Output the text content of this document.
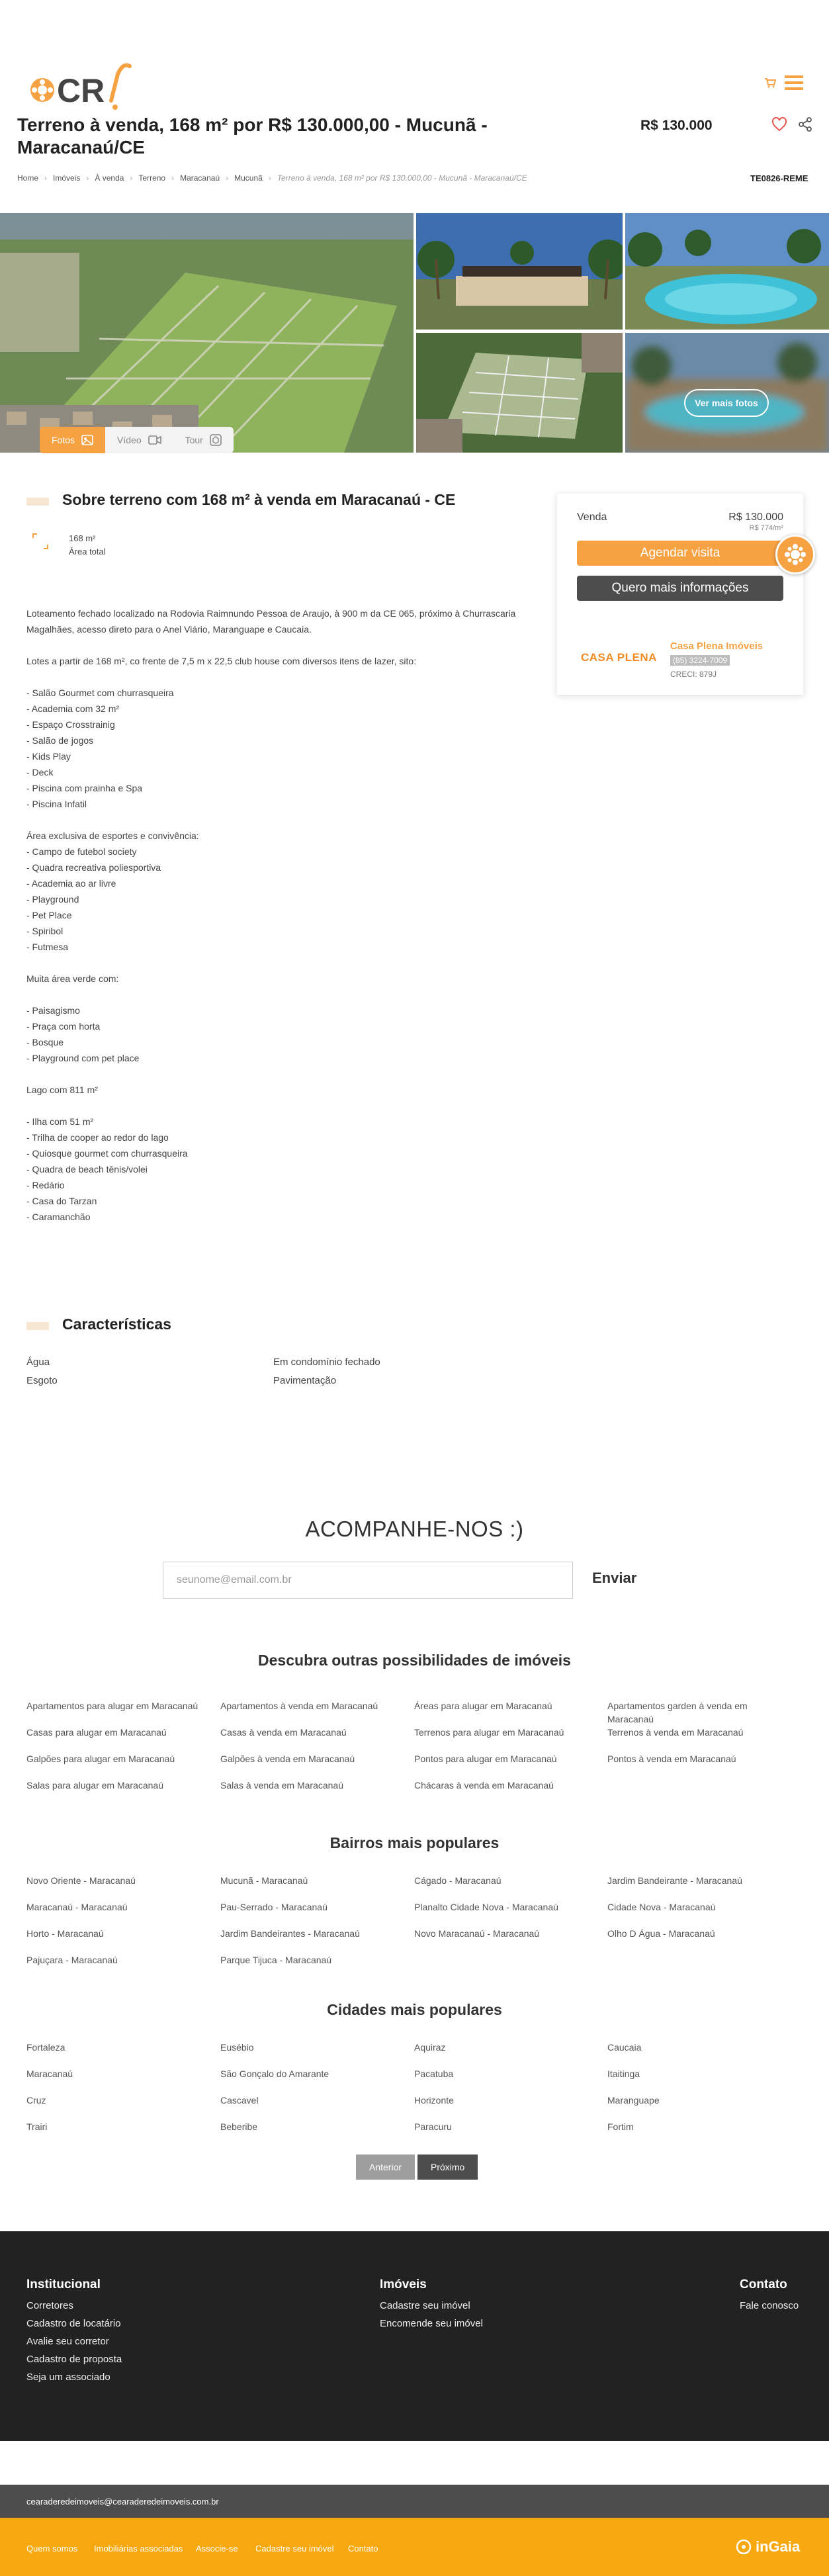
CR
Terreno à venda, 168 m² por R$ 130.000,00 - Mucunã - Maracanaú/CE
R$ 130.000
Home › Imóveis › À venda › Terreno › Maracanaú › Mucunã › Terreno à venda, 168 m² por R$ 130.000,00 - Mucunã - Maracanaú/CE	TE0826-REME
Ver mais fotos
Fotos	Vídeo	Tour
Sobre terreno com 168 m² à venda em Maracanaú - CE
168 m²
Área total

Loteamento fechado localizado na Rodovia Raimnundo Pessoa de Araujo, à 900 m da CE 065, próximo à Churrascaria Magalhães, acesso direto para o Anel Viário, Maranguape e Caucaia.

Lotes a partir de 168 m², co frente de 7,5 m x 22,5 club house com diversos itens de lazer, sito:

- Salão Gourmet com churrasqueira

- Academia com 32 m²

- Espaço Crosstrainig

- Salão de jogos

- Kids Play

- Deck

- Piscina com prainha e Spa

- Piscina Infatil

Área exclusiva de esportes e convivência:

- Campo de futebol society

- Quadra recreativa poliesportiva

- Academia ao ar livre

- Playground

- Pet Place

- Spiribol

- Futmesa

Muita área verde com:

- Paisagismo

- Praça com horta

- Bosque

- Playground com pet place

Lago com 811 m²

- Ilha com 51 m²

- Trilha de cooper ao redor do lago

- Quiosque gourmet com churrasqueira

- Quadra de beach tênis/volei

- Redário

- Casa do Tarzan

- Caramanchão

Venda	R$ 130.000
R$ 774/m²
Agendar visita
Quero mais informações
CASA PLENA
Casa Plena Imóveis
(85) 3224-7009
CRECI: 879J
Características
Água	Em condomínio fechado
Esgoto	Pavimentação
ACOMPANHE-NOS :)
seunome@email.com.br
Enviar
Descubra outras possibilidades de imóveis
Apartamentos para alugar em Maracanaú	Apartamentos à venda em Maracanaú	Áreas para alugar em Maracanaú	Apartamentos garden à venda em Maracanaú
Casas para alugar em Maracanaú	Casas à venda em Maracanaú	Terrenos para alugar em Maracanaú	Terrenos à venda em Maracanaú
Galpões para alugar em Maracanaú	Galpões à venda em Maracanaú	Pontos para alugar em Maracanaú	Pontos à venda em Maracanaú
Salas para alugar em Maracanaú	Salas à venda em Maracanaú	Chácaras à venda em Maracanaú
Bairros mais populares
Novo Oriente - Maracanaú	Mucunã - Maracanaú	Cágado - Maracanaú	Jardim Bandeirante - Maracanaú
Maracanaú - Maracanaú	Pau-Serrado - Maracanaú	Planalto Cidade Nova - Maracanaú	Cidade Nova - Maracanaú
Horto - Maracanaú	Jardim Bandeirantes - Maracanaú	Novo Maracanaú - Maracanaú	Olho D Água - Maracanaú
Pajuçara - Maracanaú	Parque Tijuca - Maracanaú
Cidades mais populares
Fortaleza	Eusébio	Aquiraz	Caucaia
Maracanaú	São Gonçalo do Amarante	Pacatuba	Itaitinga
Cruz	Cascavel	Horizonte	Maranguape
Trairi	Beberibe	Paracuru	Fortim
Anterior	Próximo
Institucional
Corretores
Cadastro de locatário
Avalie seu corretor
Cadastro de proposta
Seja um associado
Imóveis
Cadastre seu imóvel
Encomende seu imóvel
Contato
Fale conosco
cearaderedeimoveis@cearaderedeimoveis.com.br
Quem somos Imobiliárias associadas Associe-se Cadastre seu imóvel Contato	inGaia
